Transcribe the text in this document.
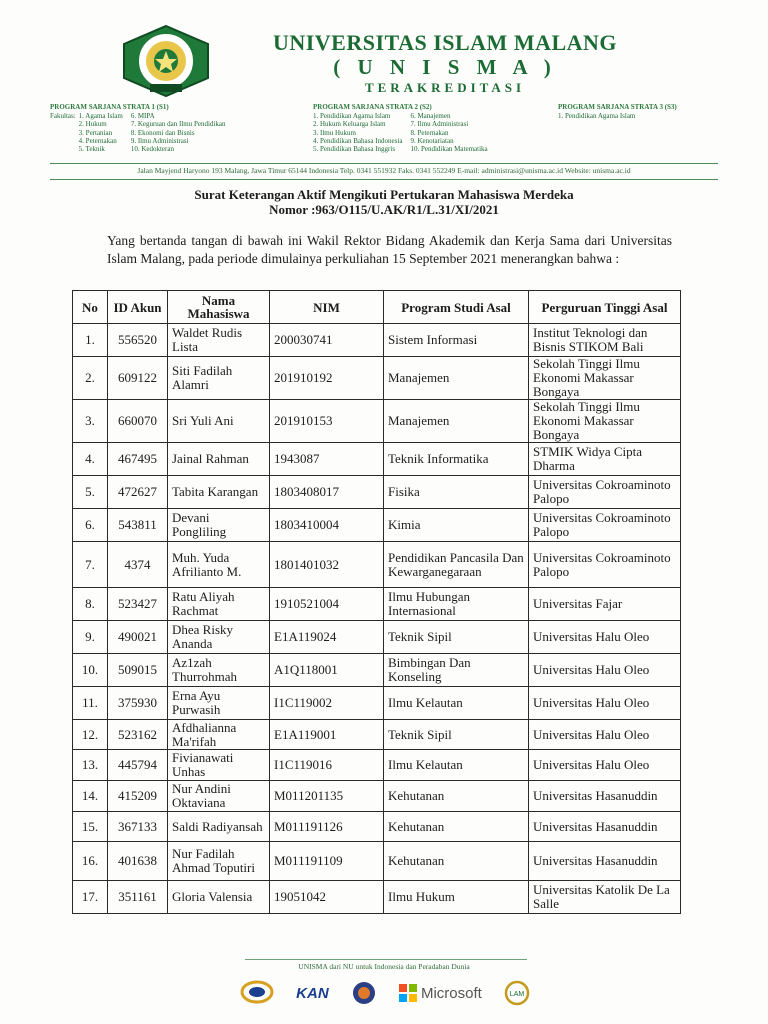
UNIVERSITAS ISLAM MALANG
( U N I S M A )
TERAKREDITASI
PROGRAM SARJANA STRATA 1 (S1)
Fakultas: 1. Agama Islam
2. Hukum
3. Pertanian
4. Peternakan
5. Teknik
6. MIPA
7. Keguruan dan Ilmu Pendidikan
8. Ekonomi dan Bisnis
9. Ilmu Administrasi
10. Kedokteran
PROGRAM SARJANA STRATA 2 (S2)
1. Pendidikan Agama Islam
2. Hukum Keluarga Islam
3. Ilmu Hukum
4. Pendidikan Bahasa Indonesia
5. Pendidikan Bahasa Inggris
6. Manajemen
7. Ilmu Administrasi
8. Peternakan
9. Kenotariatan
10. Pendidikan Matematika
PROGRAM SARJANA STRATA 3 (S3)
1. Pendidikan Agama Islam
Jalan Mayjend Haryono 193 Malang, Jawa Timur 65144 Indonesia Telp. 0341 551932 Faks. 0341 552249 E-mail: administrasi@unisma.ac.id Website: unisma.ac.id
Surat Keterangan Aktif Mengikuti Pertukaran Mahasiswa Merdeka
Nomor :963/O115/U.AK/R1/L.31/XI/2021
Yang bertanda tangan di bawah ini Wakil Rektor Bidang Akademik dan Kerja Sama dari Universitas Islam Malang, pada periode dimulainya perkuliahan 15 September 2021 menerangkan bahwa :
No	ID Akun	Nama Mahasiswa	NIM	Program Studi Asal	Perguruan Tinggi Asal
1.	556520	Waldet Rudis Lista	200030741	Sistem Informasi	Institut Teknologi dan Bisnis STIKOM Bali
2.	609122	Siti Fadilah Alamri	201910192	Manajemen	Sekolah Tinggi Ilmu Ekonomi Makassar Bongaya
3.	660070	Sri Yuli Ani	201910153	Manajemen	Sekolah Tinggi Ilmu Ekonomi Makassar Bongaya
4.	467495	Jainal Rahman	1943087	Teknik Informatika	STMIK Widya Cipta Dharma
5.	472627	Tabita Karangan	1803408017	Fisika	Universitas Cokroaminoto Palopo
6.	543811	Devani Pongliling	1803410004	Kimia	Universitas Cokroaminoto Palopo
7.	4374	Muh. Yuda Afrilianto M.	1801401032	Pendidikan Pancasila Dan Kewarganegaraan	Universitas Cokroaminoto Palopo
8.	523427	Ratu Aliyah Rachmat	1910521004	Ilmu Hubungan Internasional	Universitas Fajar
9.	490021	Dhea Risky Ananda	E1A119024	Teknik Sipil	Universitas Halu Oleo
10.	509015	Az1zah Thurrohmah	A1Q118001	Bimbingan Dan Konseling	Universitas Halu Oleo
11.	375930	Erna Ayu Purwasih	I1C119002	Ilmu Kelautan	Universitas Halu Oleo
12.	523162	Afdhalianna Ma'rifah	E1A119001	Teknik Sipil	Universitas Halu Oleo
13.	445794	Fivianawati Unhas	I1C119016	Ilmu Kelautan	Universitas Halu Oleo
14.	415209	Nur Andini Oktaviana	M011201135	Kehutanan	Universitas Hasanuddin
15.	367133	Saldi Radiyansah	M011191126	Kehutanan	Universitas Hasanuddin
16.	401638	Nur Fadilah Ahmad Toputiri	M011191109	Kehutanan	Universitas Hasanuddin
17.	351161	Gloria Valensia	19051042	Ilmu Hukum	Universitas Katolik De La Salle
UNISMA dari NU untuk Indonesia dan Peradaban Dunia
KAN	Microsoft	LAM
